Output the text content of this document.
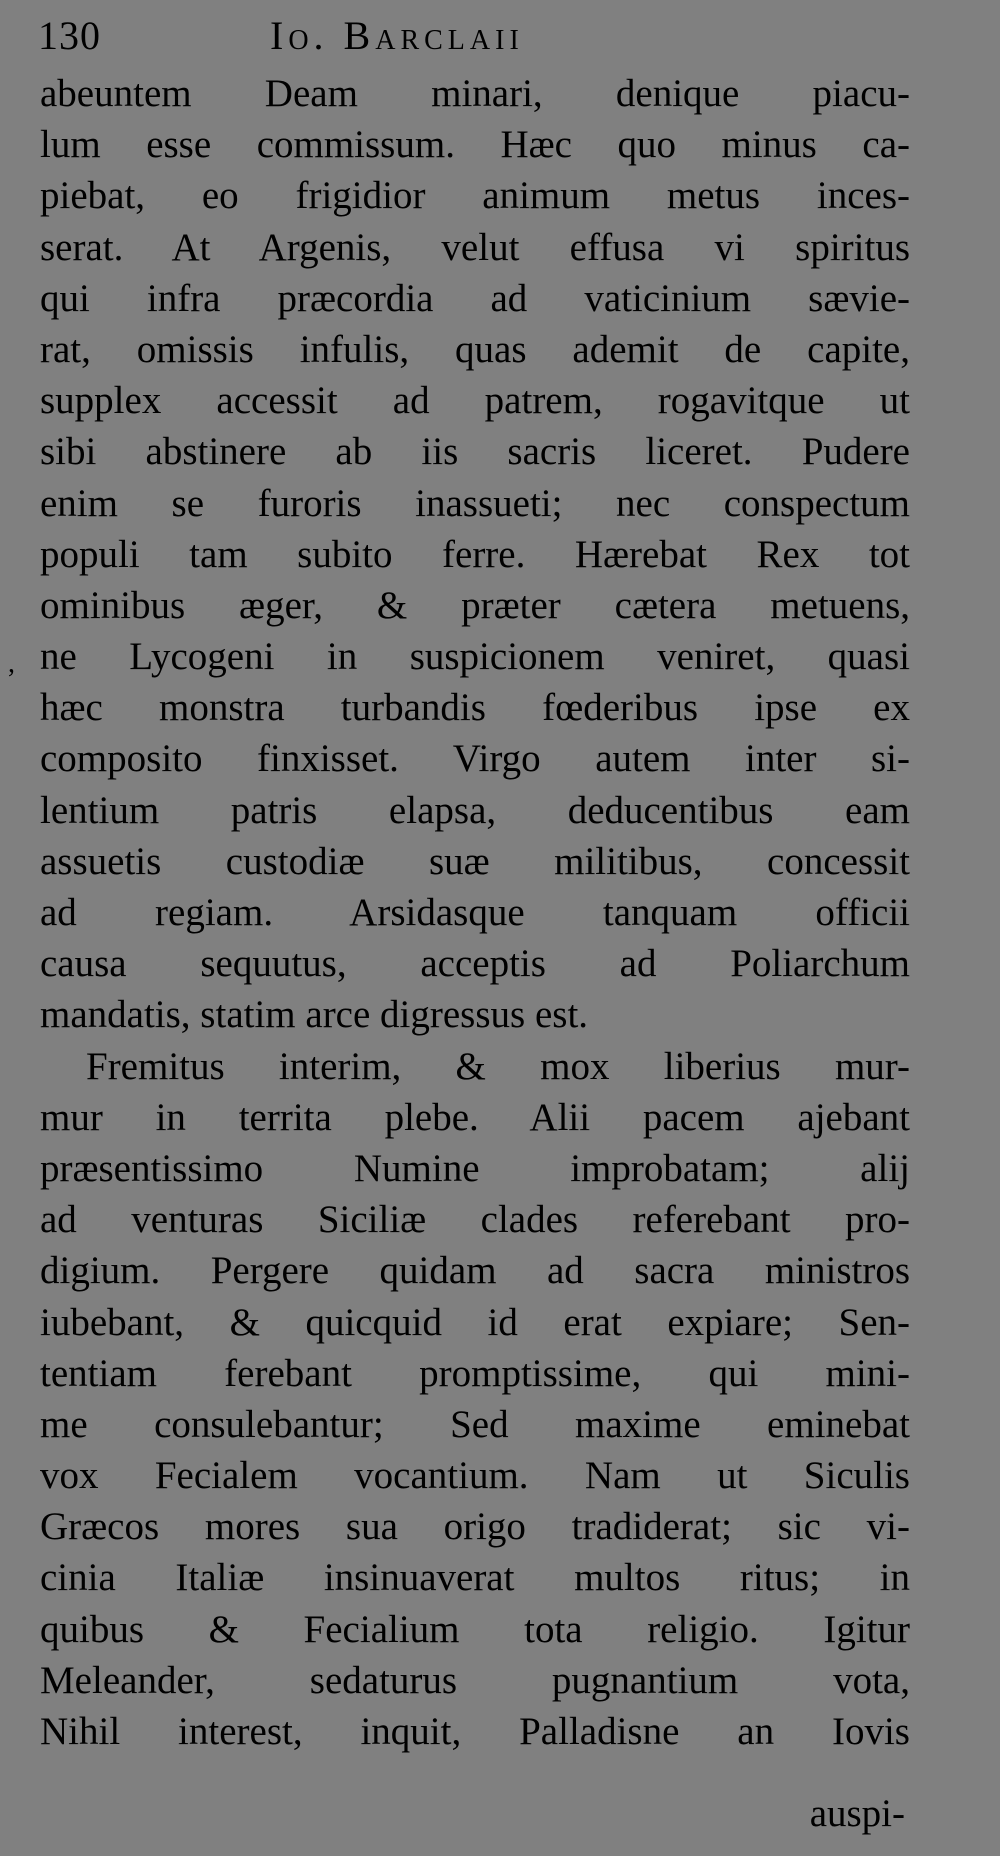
130	Io. Barclaii
,
abeuntem Deam minari, denique piacu-
lum esse commissum. Hæc quo minus ca-
piebat, eo frigidior animum metus inces-
serat. At Argenis, velut effusa vi spiritus
qui infra præcordia ad vaticinium sævie-
rat, omissis infulis, quas ademit de capite,
supplex accessit ad patrem, rogavitque ut
sibi abstinere ab iis sacris liceret. Pudere
enim se furoris inassueti; nec conspectum
populi tam subito ferre. Hærebat Rex tot
ominibus æger, & præter cætera metuens,
ne Lycogeni in suspicionem veniret, quasi
hæc monstra turbandis fœderibus ipse ex
composito finxisset. Virgo autem inter si-
lentium patris elapsa, deducentibus eam
assuetis custodiæ suæ militibus, concessit
ad regiam. Arsidasque tanquam officii
causa sequutus, acceptis ad Poliarchum
mandatis, statim arce digressus est.
Fremitus interim, & mox liberius mur-
mur in territa plebe. Alii pacem ajebant
præsentissimo Numine improbatam; alij
ad venturas Siciliæ clades referebant pro-
digium. Pergere quidam ad sacra ministros
iubebant, & quicquid id erat expiare; Sen-
tentiam ferebant promptissime, qui mini-
me consulebantur; Sed maxime eminebat
vox Fecialem vocantium. Nam ut Siculis
Græcos mores sua origo tradiderat; sic vi-
cinia Italiæ insinuaverat multos ritus; in
quibus & Fecialium tota religio. Igitur
Meleander, sedaturus pugnantium vota,
Nihil interest, inquit, Palladisne an Iovis
auspi-
